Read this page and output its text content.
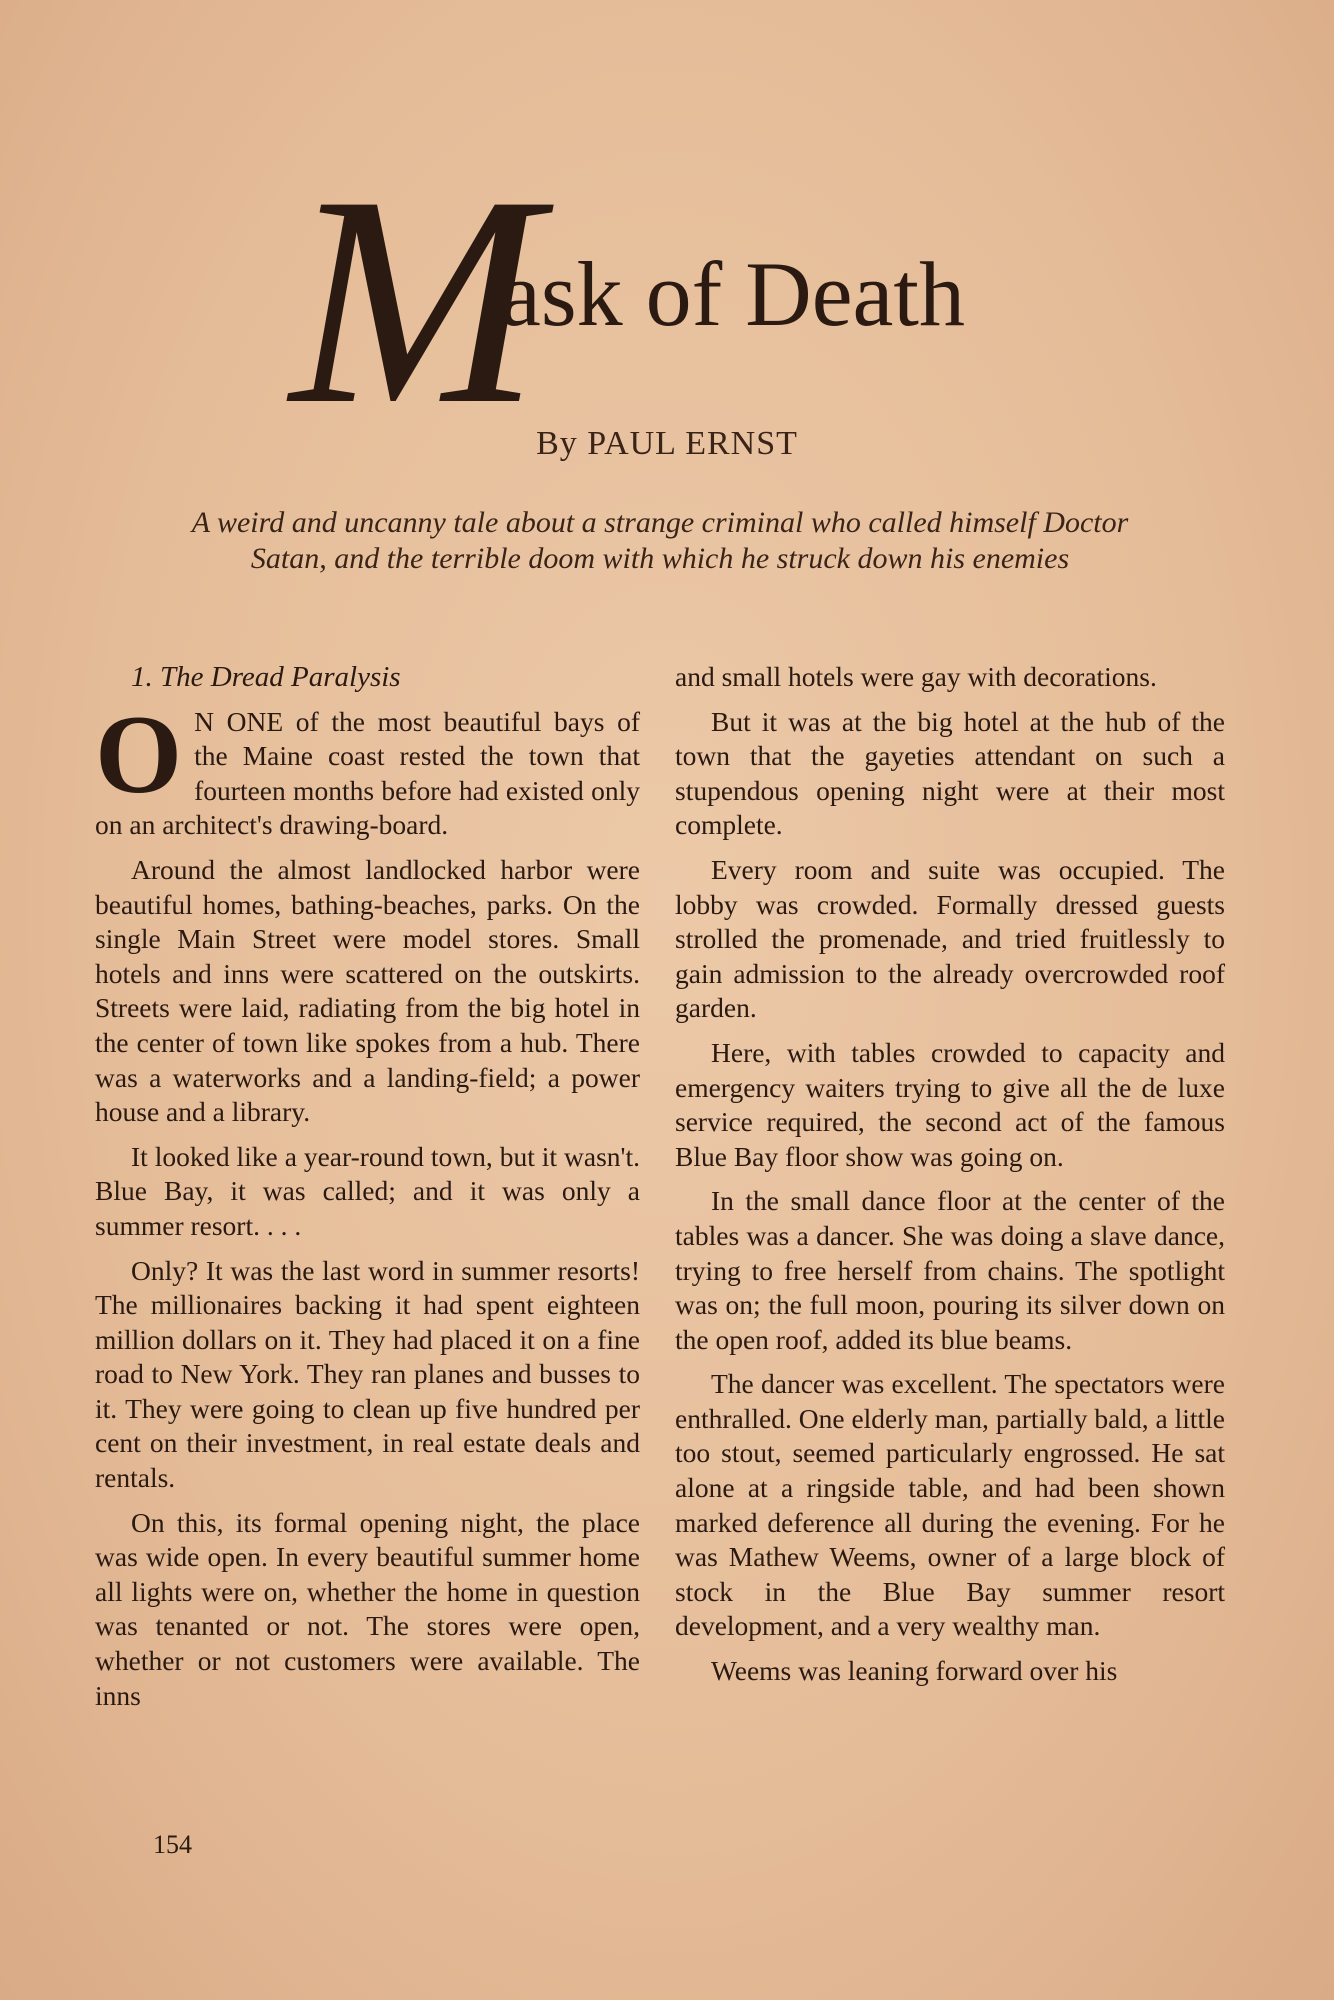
M
ask of Death
By PAUL ERNST
A weird and uncanny tale about a strange criminal who called himself Doctor Satan, and the terrible doom with which he struck down his enemies

1. The Dread Paralysis

O N ONE of the most beautiful bays of the Maine coast rested the town that fourteen months before had existed only on an architect's drawing-board.

Around the almost landlocked harbor were beautiful homes, bathing-beaches, parks. On the single Main Street were model stores. Small hotels and inns were scattered on the outskirts. Streets were laid, radiating from the big hotel in the center of town like spokes from a hub. There was a waterworks and a landing-field; a power house and a library.

It looked like a year-round town, but it wasn't. Blue Bay, it was called; and it was only a summer resort. . . .

Only? It was the last word in summer resorts! The millionaires backing it had spent eighteen million dollars on it. They had placed it on a fine road to New York. They ran planes and busses to it. They were going to clean up five hundred per cent on their investment, in real estate deals and rentals.

On this, its formal opening night, the place was wide open. In every beautiful summer home all lights were on, whether the home in question was tenanted or not. The stores were open, whether or not customers were available. The inns

and small hotels were gay with decorations.

But it was at the big hotel at the hub of the town that the gayeties attendant on such a stupendous opening night were at their most complete.

Every room and suite was occupied. The lobby was crowded. Formally dressed guests strolled the promenade, and tried fruitlessly to gain admission to the already overcrowded roof garden.

Here, with tables crowded to capacity and emergency waiters trying to give all the de luxe service required, the second act of the famous Blue Bay floor show was going on.

In the small dance floor at the center of the tables was a dancer. She was doing a slave dance, trying to free herself from chains. The spotlight was on; the full moon, pouring its silver down on the open roof, added its blue beams.

The dancer was excellent. The spectators were enthralled. One elderly man, partially bald, a little too stout, seemed particularly engrossed. He sat alone at a ringside table, and had been shown marked deference all during the evening. For he was Mathew Weems, owner of a large block of stock in the Blue Bay summer resort development, and a very wealthy man.

Weems was leaning forward over his

154
